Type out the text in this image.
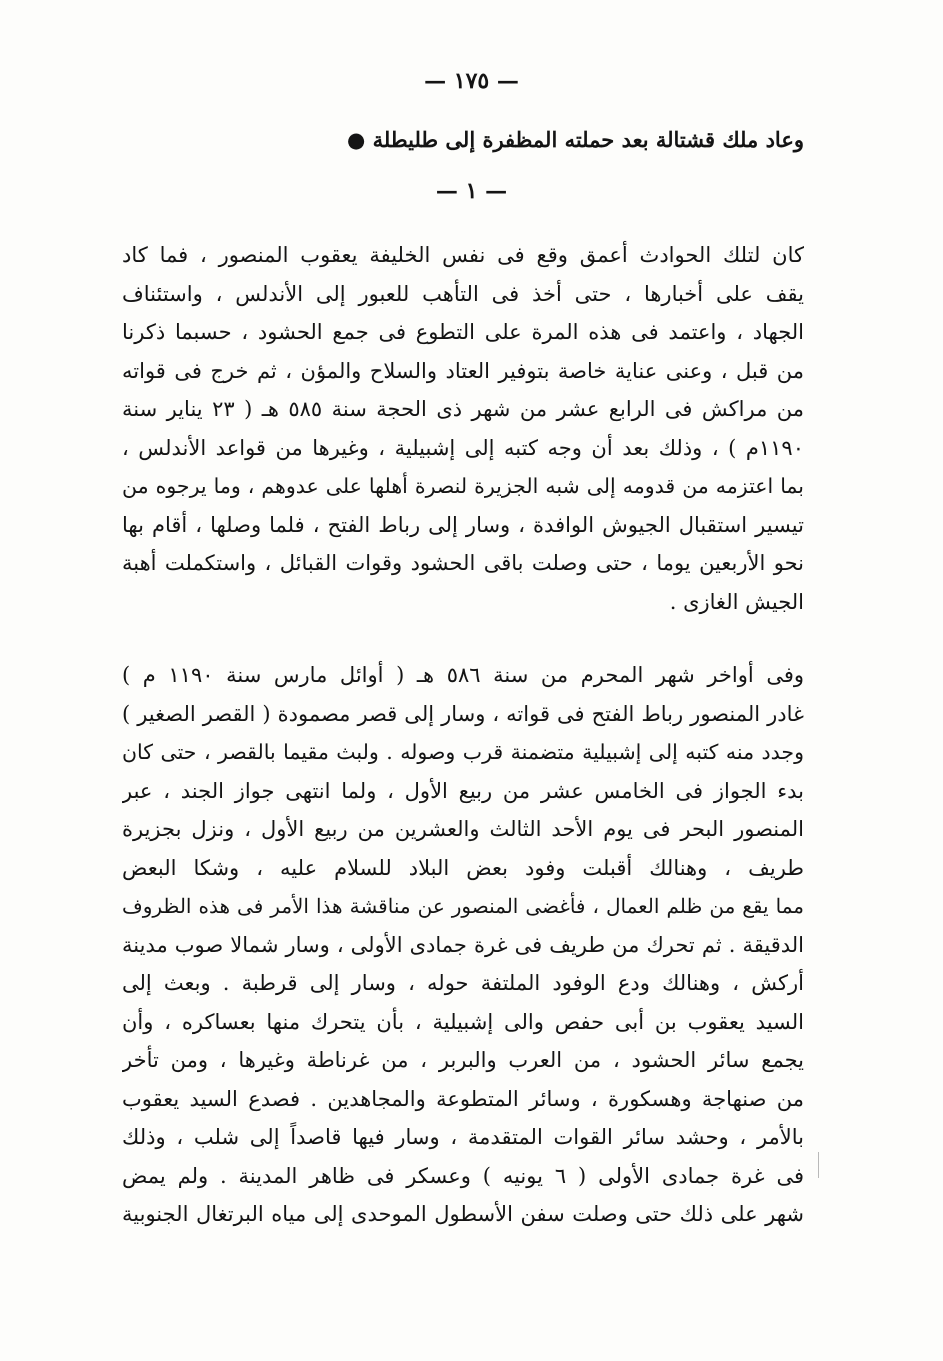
— ١٧٥ —
وعاد ملك قشتالة بعد حملته المظفرة إلى طليطلة ●
— ١ —
كان لتلك الحوادث أعمق وقع فى نفس الخليفة يعقوب المنصور ، فما كاد
يقف على أخبارها ، حتى أخذ فى التأهب للعبور إلى الأندلس ، واستئناف
الجهاد ، واعتمد فى هذه المرة على التطوع فى جمع الحشود ، حسبما ذكرنا
من قبل ، وعنى عناية خاصة بتوفير العتاد والسلاح والمؤن ، ثم خرج فى قواته
من مراكش فى الرابع عشر من شهر ذى الحجة سنة ٥٨٥ هـ ( ٢٣ يناير سنة
١١٩٠م ) ، وذلك بعد أن وجه كتبه إلى إشبيلية ، وغيرها من قواعد الأندلس ،
بما اعتزمه من قدومه إلى شبه الجزيرة لنصرة أهلها على عدوهم ، وما يرجوه من
تيسير استقبال الجيوش الوافدة ، وسار إلى رباط الفتح ، فلما وصلها ، أقام بها
نحو الأربعين يوما ، حتى وصلت باقى الحشود وقوات القبائل ، واستكملت أهبة
الجيش الغازى .
وفى أواخر شهر المحرم من سنة ٥٨٦ هـ ( أوائل مارس سنة ١١٩٠ م )
غادر المنصور رباط الفتح فى قواته ، وسار إلى قصر مصمودة ( القصر الصغير )
وجدد منه كتبه إلى إشبيلية متضمنة قرب وصوله . ولبث مقيما بالقصر ، حتى كان
بدء الجواز فى الخامس عشر من ربيع الأول ، ولما انتهى جواز الجند ، عبر
المنصور البحر فى يوم الأحد الثالث والعشرين من ربيع الأول ، ونزل بجزيرة
طريف ، وهنالك أقبلت وفود بعض البلاد للسلام عليه ، وشكا البعض
مما يقع من ظلم العمال ، فأغضى المنصور عن مناقشة هذا الأمر فى هذه الظروف
الدقيقة . ثم تحرك من طريف فى غرة جمادى الأولى ، وسار شمالا صوب مدينة
أركش ، وهنالك ودع الوفود الملتفة حوله ، وسار إلى قرطبة . وبعث إلى
السيد يعقوب بن أبى حفص والى إشبيلية ، بأن يتحرك منها بعساكره ، وأن
يجمع سائر الحشود ، من العرب والبربر ، من غرناطة وغيرها ، ومن تأخر
من صنهاجة وهسكورة ، وسائر المتطوعة والمجاهدين . فصدع السيد يعقوب
بالأمر ، وحشد سائر القوات المتقدمة ، وسار فيها قاصداً إلى شلب ، وذلك
فى غرة جمادى الأولى ( ٦ يونيه ) وعسكر فى ظاهر المدينة . ولم يمض
شهر على ذلك حتى وصلت سفن الأسطول الموحدى إلى مياه البرتغال الجنوبية
